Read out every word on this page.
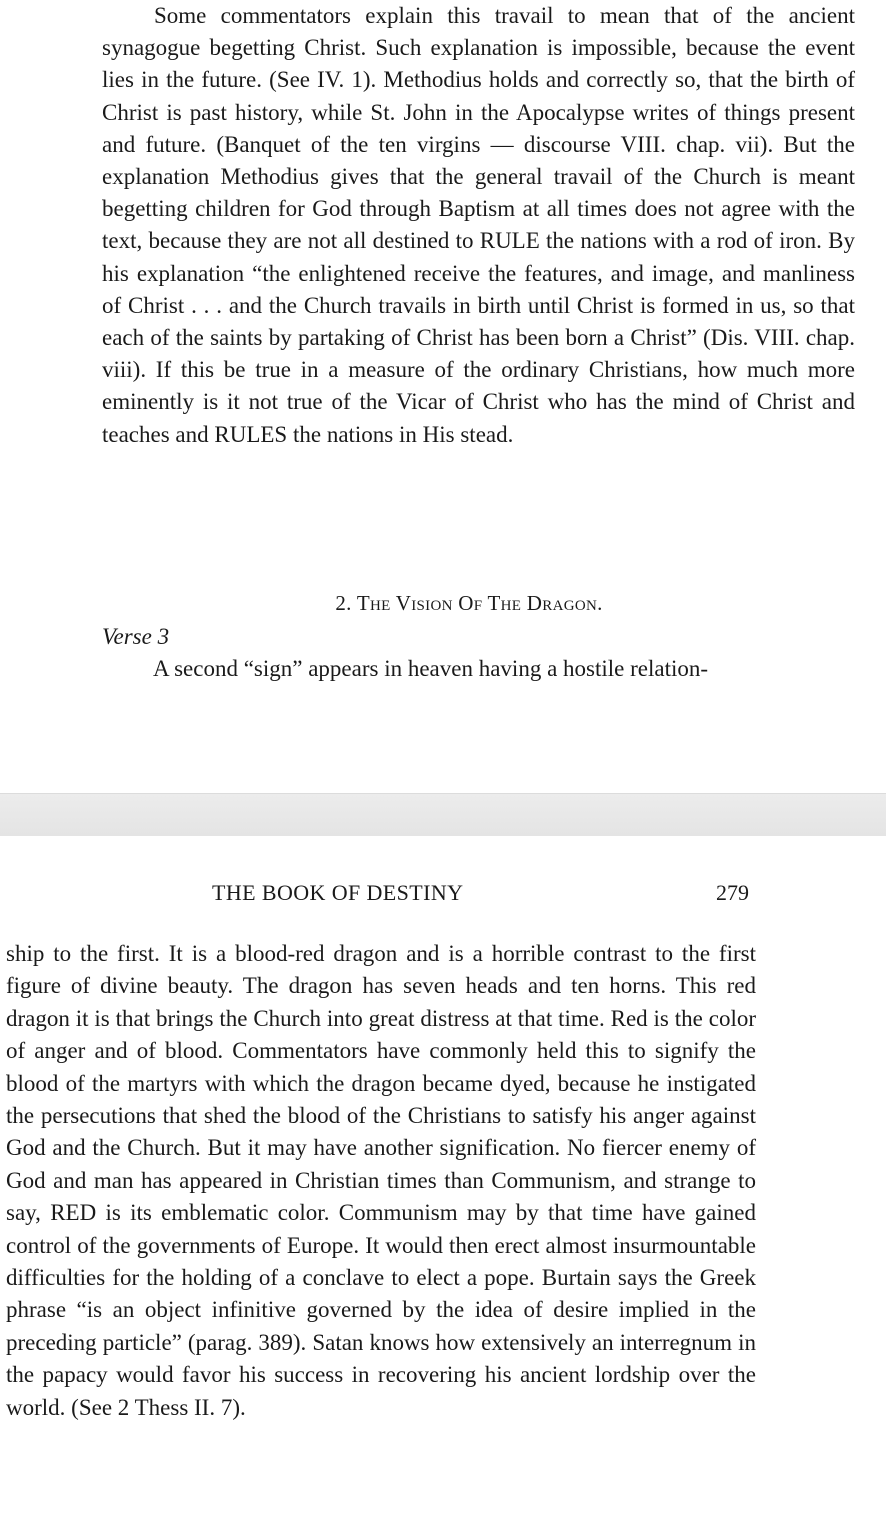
Some commentators explain this travail to mean that of the ancient synagogue begetting Christ. Such explanation is impossible, because the event lies in the future. (See IV. 1). Methodius holds and correctly so, that the birth of Christ is past history, while St. John in the Apocalypse writes of things present and future. (Banquet of the ten virgins — discourse VIII. chap. vii). But the explanation Methodius gives that the general travail of the Church is meant begetting children for God through Baptism at all times does not agree with the text, because they are not all destined to RULE the nations with a rod of iron. By his explanation “the enlightened receive the features, and image, and manliness of Christ . . . and the Church travails in birth until Christ is formed in us, so that each of the saints by partaking of Christ has been born a Christ” (Dis. VIII. chap. viii). If this be true in a measure of the ordinary Christians, how much more eminently is it not true of the Vicar of Christ who has the mind of Christ and teaches and RULES the nations in His stead.

2. The Vision Of The Dragon.

Verse 3

A second “sign” appears in heaven having a hostile relation-

THE BOOK OF DESTINY	279

ship to the first. It is a blood-red dragon and is a horrible contrast to the first figure of divine beauty. The dragon has seven heads and ten horns. This red dragon it is that brings the Church into great distress at that time. Red is the color of anger and of blood. Commentators have commonly held this to signify the blood of the martyrs with which the dragon became dyed, because he instigated the persecutions that shed the blood of the Christians to satisfy his anger against God and the Church. But it may have another signification. No fiercer enemy of God and man has appeared in Christian times than Communism, and strange to say, RED is its emblematic color. Communism may by that time have gained control of the governments of Europe. It would then erect almost insurmountable difficulties for the holding of a conclave to elect a pope. Burtain says the Greek phrase “is an object infinitive governed by the idea of desire implied in the preceding particle” (parag. 389). Satan knows how extensively an interregnum in the papacy would favor his success in recovering his ancient lordship over the world. (See 2 Thess II. 7).
